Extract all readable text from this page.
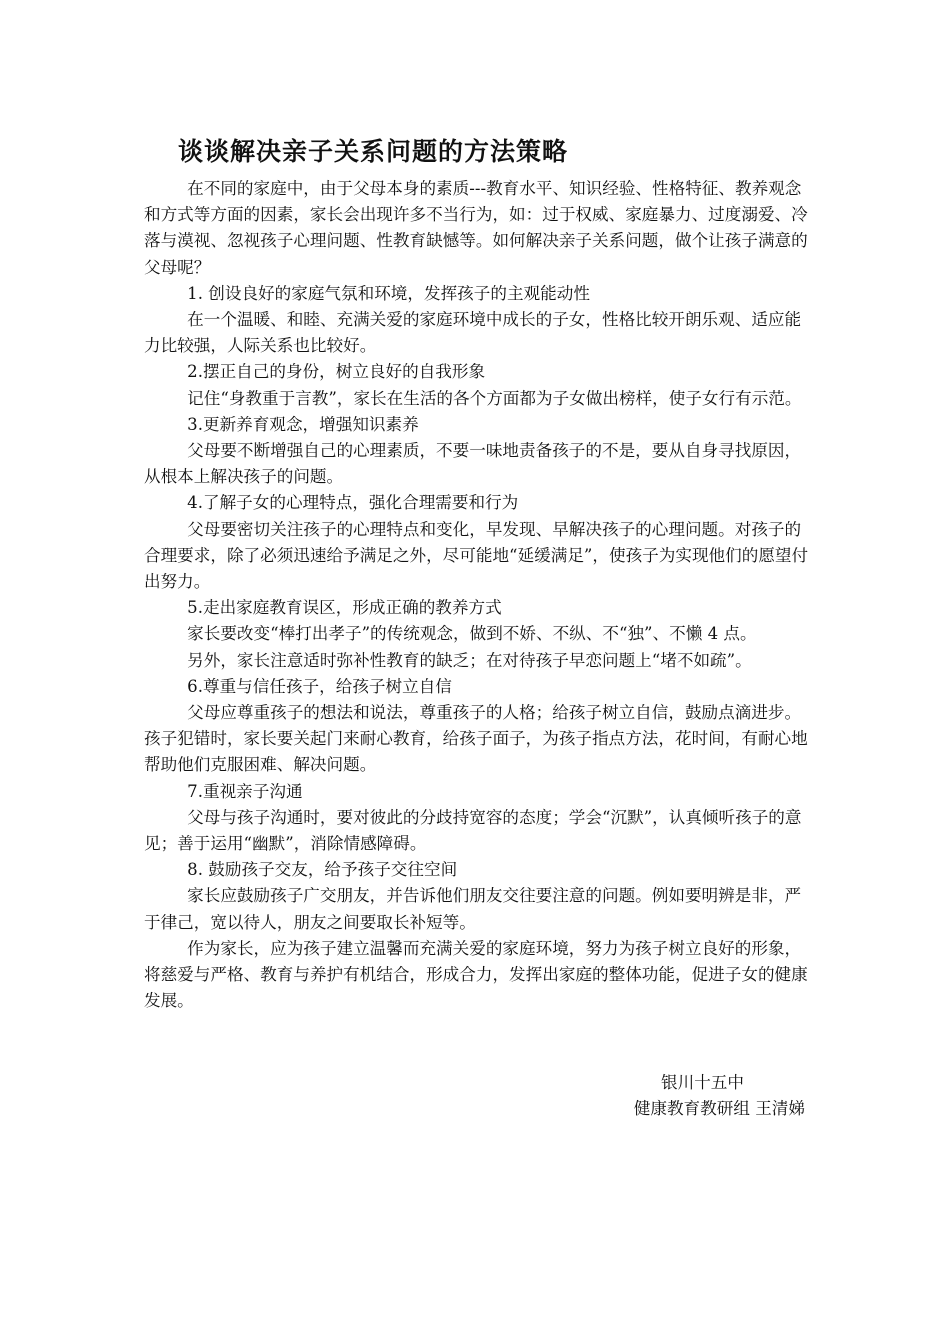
谈谈解决亲子关系问题的方法策略

在不同的家庭中，由于父母本身的素质---教育水平、知识经验、性格特征、教养观念和方式等方面的因素，家长会出现许多不当行为，如：过于权威、家庭暴力、过度溺爱、冷落与漠视、忽视孩子心理问题、性教育缺憾等。如何解决亲子关系问题，做个让孩子满意的父母呢？

1. 创设良好的家庭气氛和环境，发挥孩子的主观能动性

在一个温暖、和睦、充满关爱的家庭环境中成长的子女，性格比较开朗乐观、适应能力比较强，人际关系也比较好。

2.摆正自己的身份，树立良好的自我形象

记住“身教重于言教”，家长在生活的各个方面都为子女做出榜样，使子女行有示范。

3.更新养育观念，增强知识素养

父母要不断增强自己的心理素质，不要一味地责备孩子的不是，要从自身寻找原因，从根本上解决孩子的问题。

4.了解子女的心理特点，强化合理需要和行为

父母要密切关注孩子的心理特点和变化，早发现、早解决孩子的心理问题。对孩子的合理要求，除了必须迅速给予满足之外，尽可能地“延缓满足”，使孩子为实现他们的愿望付出努力。

5.走出家庭教育误区，形成正确的教养方式

家长要改变“棒打出孝子”的传统观念，做到不娇、不纵、不“独”、不懒 4 点。

另外，家长注意适时弥补性教育的缺乏；在对待孩子早恋问题上“堵不如疏”。

6.尊重与信任孩子，给孩子树立自信

父母应尊重孩子的想法和说法，尊重孩子的人格；给孩子树立自信，鼓励点滴进步。孩子犯错时，家长要关起门来耐心教育，给孩子面子，为孩子指点方法，花时间，有耐心地帮助他们克服困难、解决问题。

7.重视亲子沟通

父母与孩子沟通时，要对彼此的分歧持宽容的态度；学会“沉默”，认真倾听孩子的意见；善于运用“幽默”，消除情感障碍。

8. 鼓励孩子交友，给予孩子交往空间

家长应鼓励孩子广交朋友，并告诉他们朋友交往要注意的问题。例如要明辨是非，严于律己，宽以待人，朋友之间要取长补短等。

作为家长，应为孩子建立温馨而充满关爱的家庭环境，努力为孩子树立良好的形象，将慈爱与严格、教育与养护有机结合，形成合力，发挥出家庭的整体功能，促进子女的健康发展。

银川十五中
健康教育教研组 王清娣
